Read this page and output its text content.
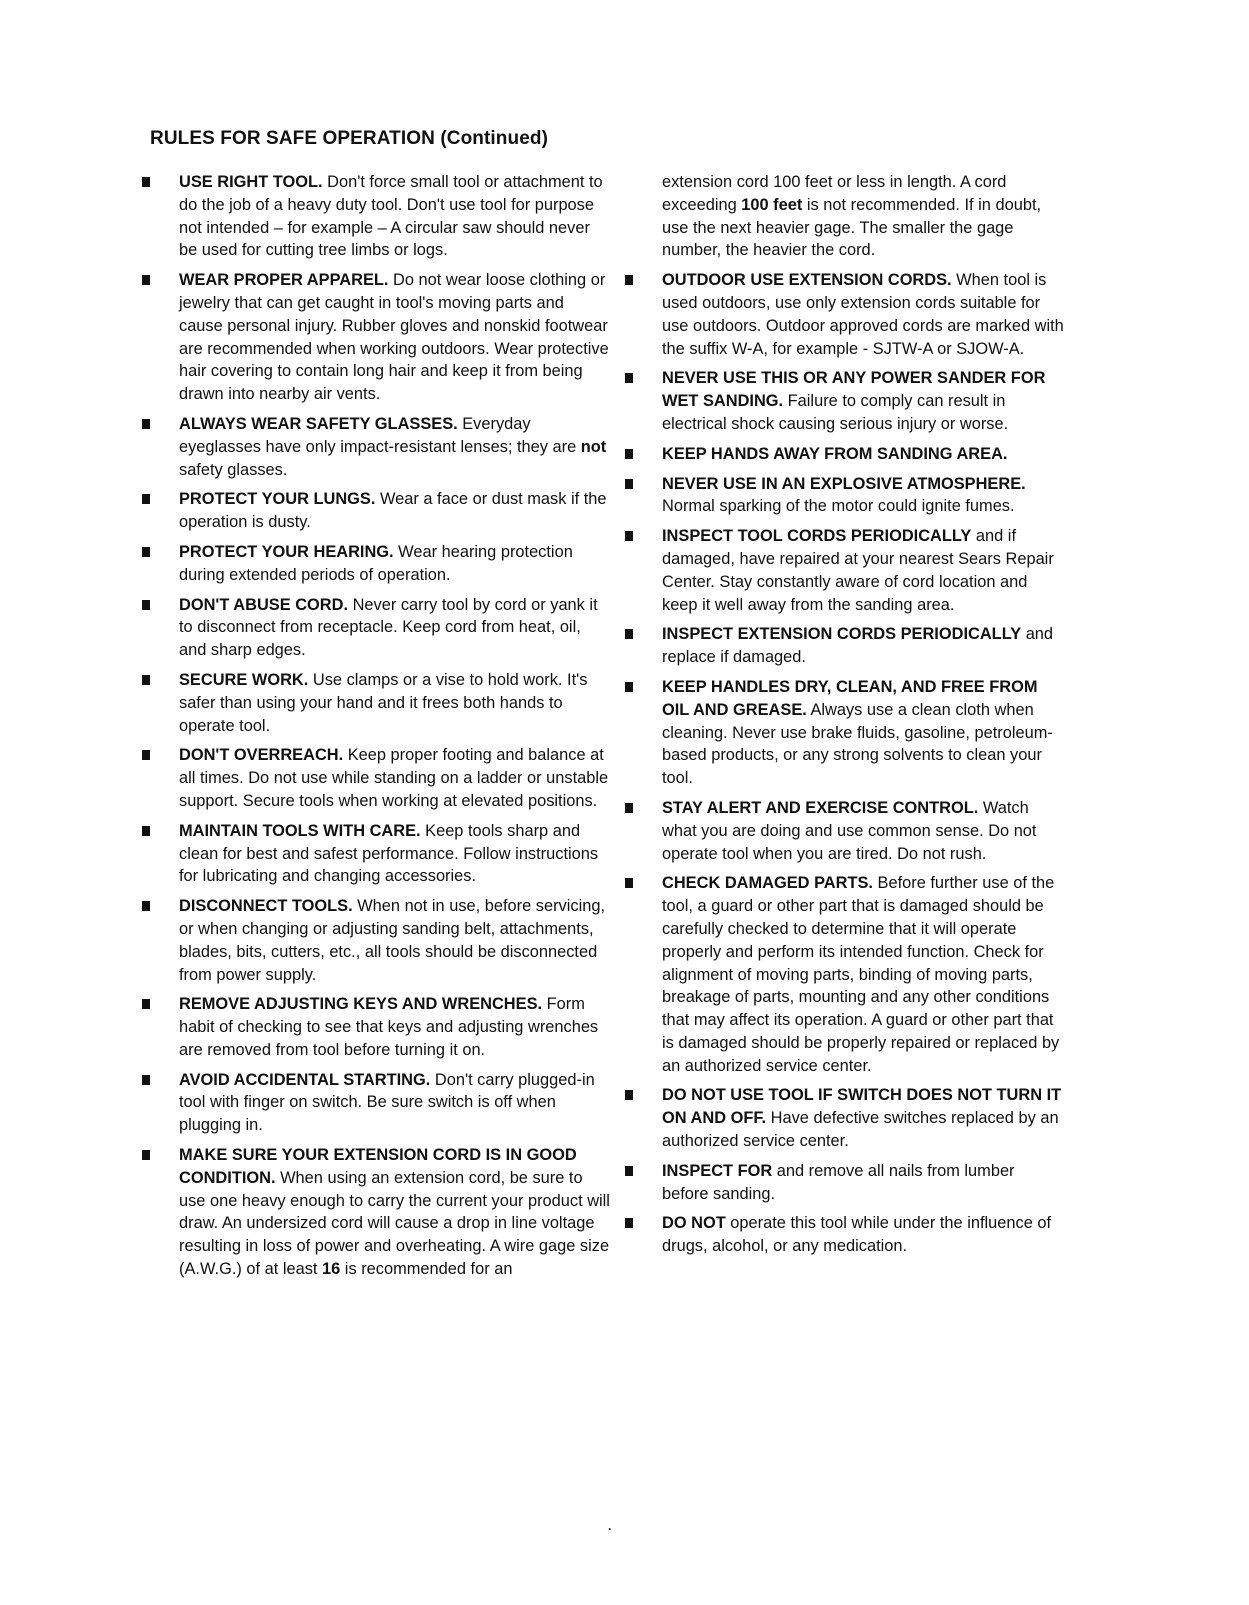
RULES FOR SAFE OPERATION (Continued)
USE RIGHT TOOL. Don't force small tool or attachment to do the job of a heavy duty tool. Don't use tool for purpose not intended – for example – A circular saw should never be used for cutting tree limbs or logs.
WEAR PROPER APPAREL. Do not wear loose clothing or jewelry that can get caught in tool's moving parts and cause personal injury. Rubber gloves and nonskid footwear are recommended when working outdoors. Wear protective hair covering to contain long hair and keep it from being drawn into nearby air vents.
ALWAYS WEAR SAFETY GLASSES. Everyday eyeglasses have only impact-resistant lenses; they are not safety glasses.
PROTECT YOUR LUNGS. Wear a face or dust mask if the operation is dusty.
PROTECT YOUR HEARING. Wear hearing protection during extended periods of operation.
DON'T ABUSE CORD. Never carry tool by cord or yank it to disconnect from receptacle. Keep cord from heat, oil, and sharp edges.
SECURE WORK. Use clamps or a vise to hold work. It's safer than using your hand and it frees both hands to operate tool.
DON'T OVERREACH. Keep proper footing and balance at all times. Do not use while standing on a ladder or unstable support. Secure tools when working at elevated positions.
MAINTAIN TOOLS WITH CARE. Keep tools sharp and clean for best and safest performance. Follow instructions for lubricating and changing accessories.
DISCONNECT TOOLS. When not in use, before servicing, or when changing or adjusting sanding belt, attachments, blades, bits, cutters, etc., all tools should be disconnected from power supply.
REMOVE ADJUSTING KEYS AND WRENCHES. Form habit of checking to see that keys and adjusting wrenches are removed from tool before turning it on.
AVOID ACCIDENTAL STARTING. Don't carry plugged-in tool with finger on switch. Be sure switch is off when plugging in.
MAKE SURE YOUR EXTENSION CORD IS IN GOOD CONDITION. When using an extension cord, be sure to use one heavy enough to carry the current your product will draw. An undersized cord will cause a drop in line voltage resulting in loss of power and overheating. A wire gage size (A.W.G.) of at least 16 is recommended for an
extension cord 100 feet or less in length. A cord exceeding 100 feet is not recommended. If in doubt, use the next heavier gage. The smaller the gage number, the heavier the cord.
OUTDOOR USE EXTENSION CORDS. When tool is used outdoors, use only extension cords suitable for use outdoors. Outdoor approved cords are marked with the suffix W-A, for example - SJTW-A or SJOW-A.
NEVER USE THIS OR ANY POWER SANDER FOR WET SANDING. Failure to comply can result in electrical shock causing serious injury or worse.
KEEP HANDS AWAY FROM SANDING AREA.
NEVER USE IN AN EXPLOSIVE ATMOSPHERE. Normal sparking of the motor could ignite fumes.
INSPECT TOOL CORDS PERIODICALLY and if damaged, have repaired at your nearest Sears Repair Center. Stay constantly aware of cord location and keep it well away from the sanding area.
INSPECT EXTENSION CORDS PERIODICALLY and replace if damaged.
KEEP HANDLES DRY, CLEAN, AND FREE FROM OIL AND GREASE. Always use a clean cloth when cleaning. Never use brake fluids, gasoline, petroleum-based products, or any strong solvents to clean your tool.
STAY ALERT AND EXERCISE CONTROL. Watch what you are doing and use common sense. Do not operate tool when you are tired. Do not rush.
CHECK DAMAGED PARTS. Before further use of the tool, a guard or other part that is damaged should be carefully checked to determine that it will operate properly and perform its intended function. Check for alignment of moving parts, binding of moving parts, breakage of parts, mounting and any other conditions that may affect its operation. A guard or other part that is damaged should be properly repaired or replaced by an authorized service center.
DO NOT USE TOOL IF SWITCH DOES NOT TURN IT ON AND OFF. Have defective switches replaced by an authorized service center.
INSPECT FOR and remove all nails from lumber before sanding.
DO NOT operate this tool while under the influence of drugs, alcohol, or any medication.
.
